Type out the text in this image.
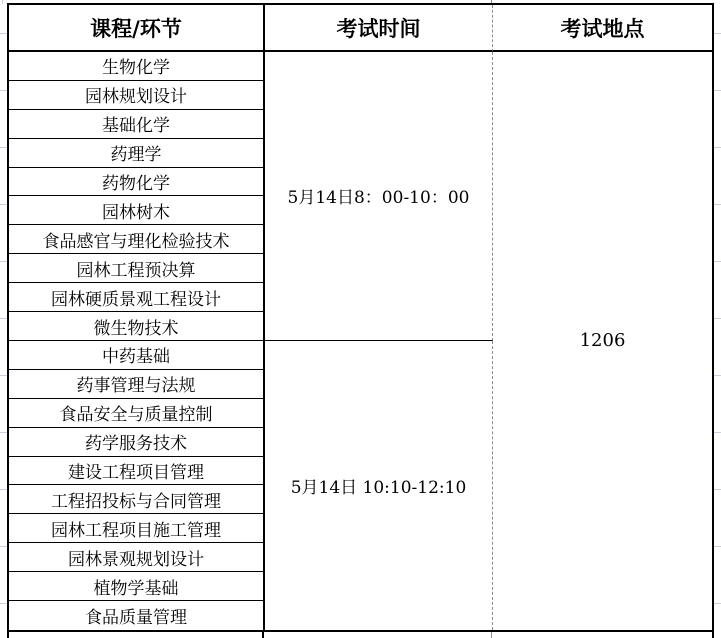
课程/环节	考试时间	考试地点
5月14日8：00-10：00
5月14日 10:10-12:10
1206
生物化学
园林规划设计
基础化学
药理学
药物化学
园林树木
食品感官与理化检验技术
园林工程预决算
园林硬质景观工程设计
微生物技术
中药基础
药事管理与法规
食品安全与质量控制
药学服务技术
建设工程项目管理
工程招投标与合同管理
园林工程项目施工管理
园林景观规划设计
植物学基础
食品质量管理
